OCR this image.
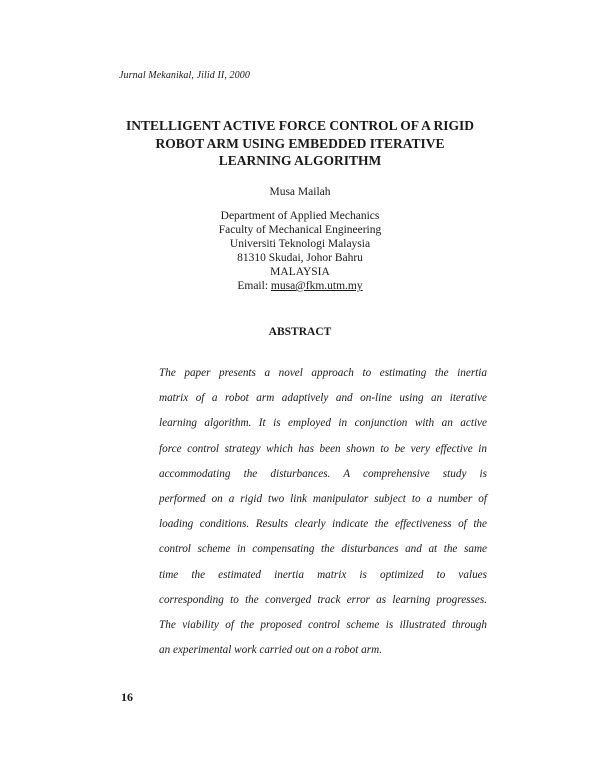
Jurnal Mekanikal, Jilid II, 2000
INTELLIGENT ACTIVE FORCE CONTROL OF A RIGID
ROBOT ARM USING EMBEDDED ITERATIVE
LEARNING ALGORITHM
Musa Mailah
Department of Applied Mechanics
Faculty of Mechanical Engineering
Universiti Teknologi Malaysia
81310 Skudai, Johor Bahru
MALAYSIA
Email: musa@fkm.utm.my
ABSTRACT
The paper presents a novel approach to estimating the inertia
matrix of a robot arm adaptively and on-line using an iterative
learning algorithm. It is employed in conjunction with an active
force control strategy which has been shown to be very effective in
accommodating the disturbances. A comprehensive study is
performed on a rigid two link manipulator subject to a number of
loading conditions. Results clearly indicate the effectiveness of the
control scheme in compensating the disturbances and at the same
time the estimated inertia matrix is optimized to values
corresponding to the converged track error as learning progresses.
The viability of the proposed control scheme is illustrated through
an experimental work carried out on a robot arm.
16
